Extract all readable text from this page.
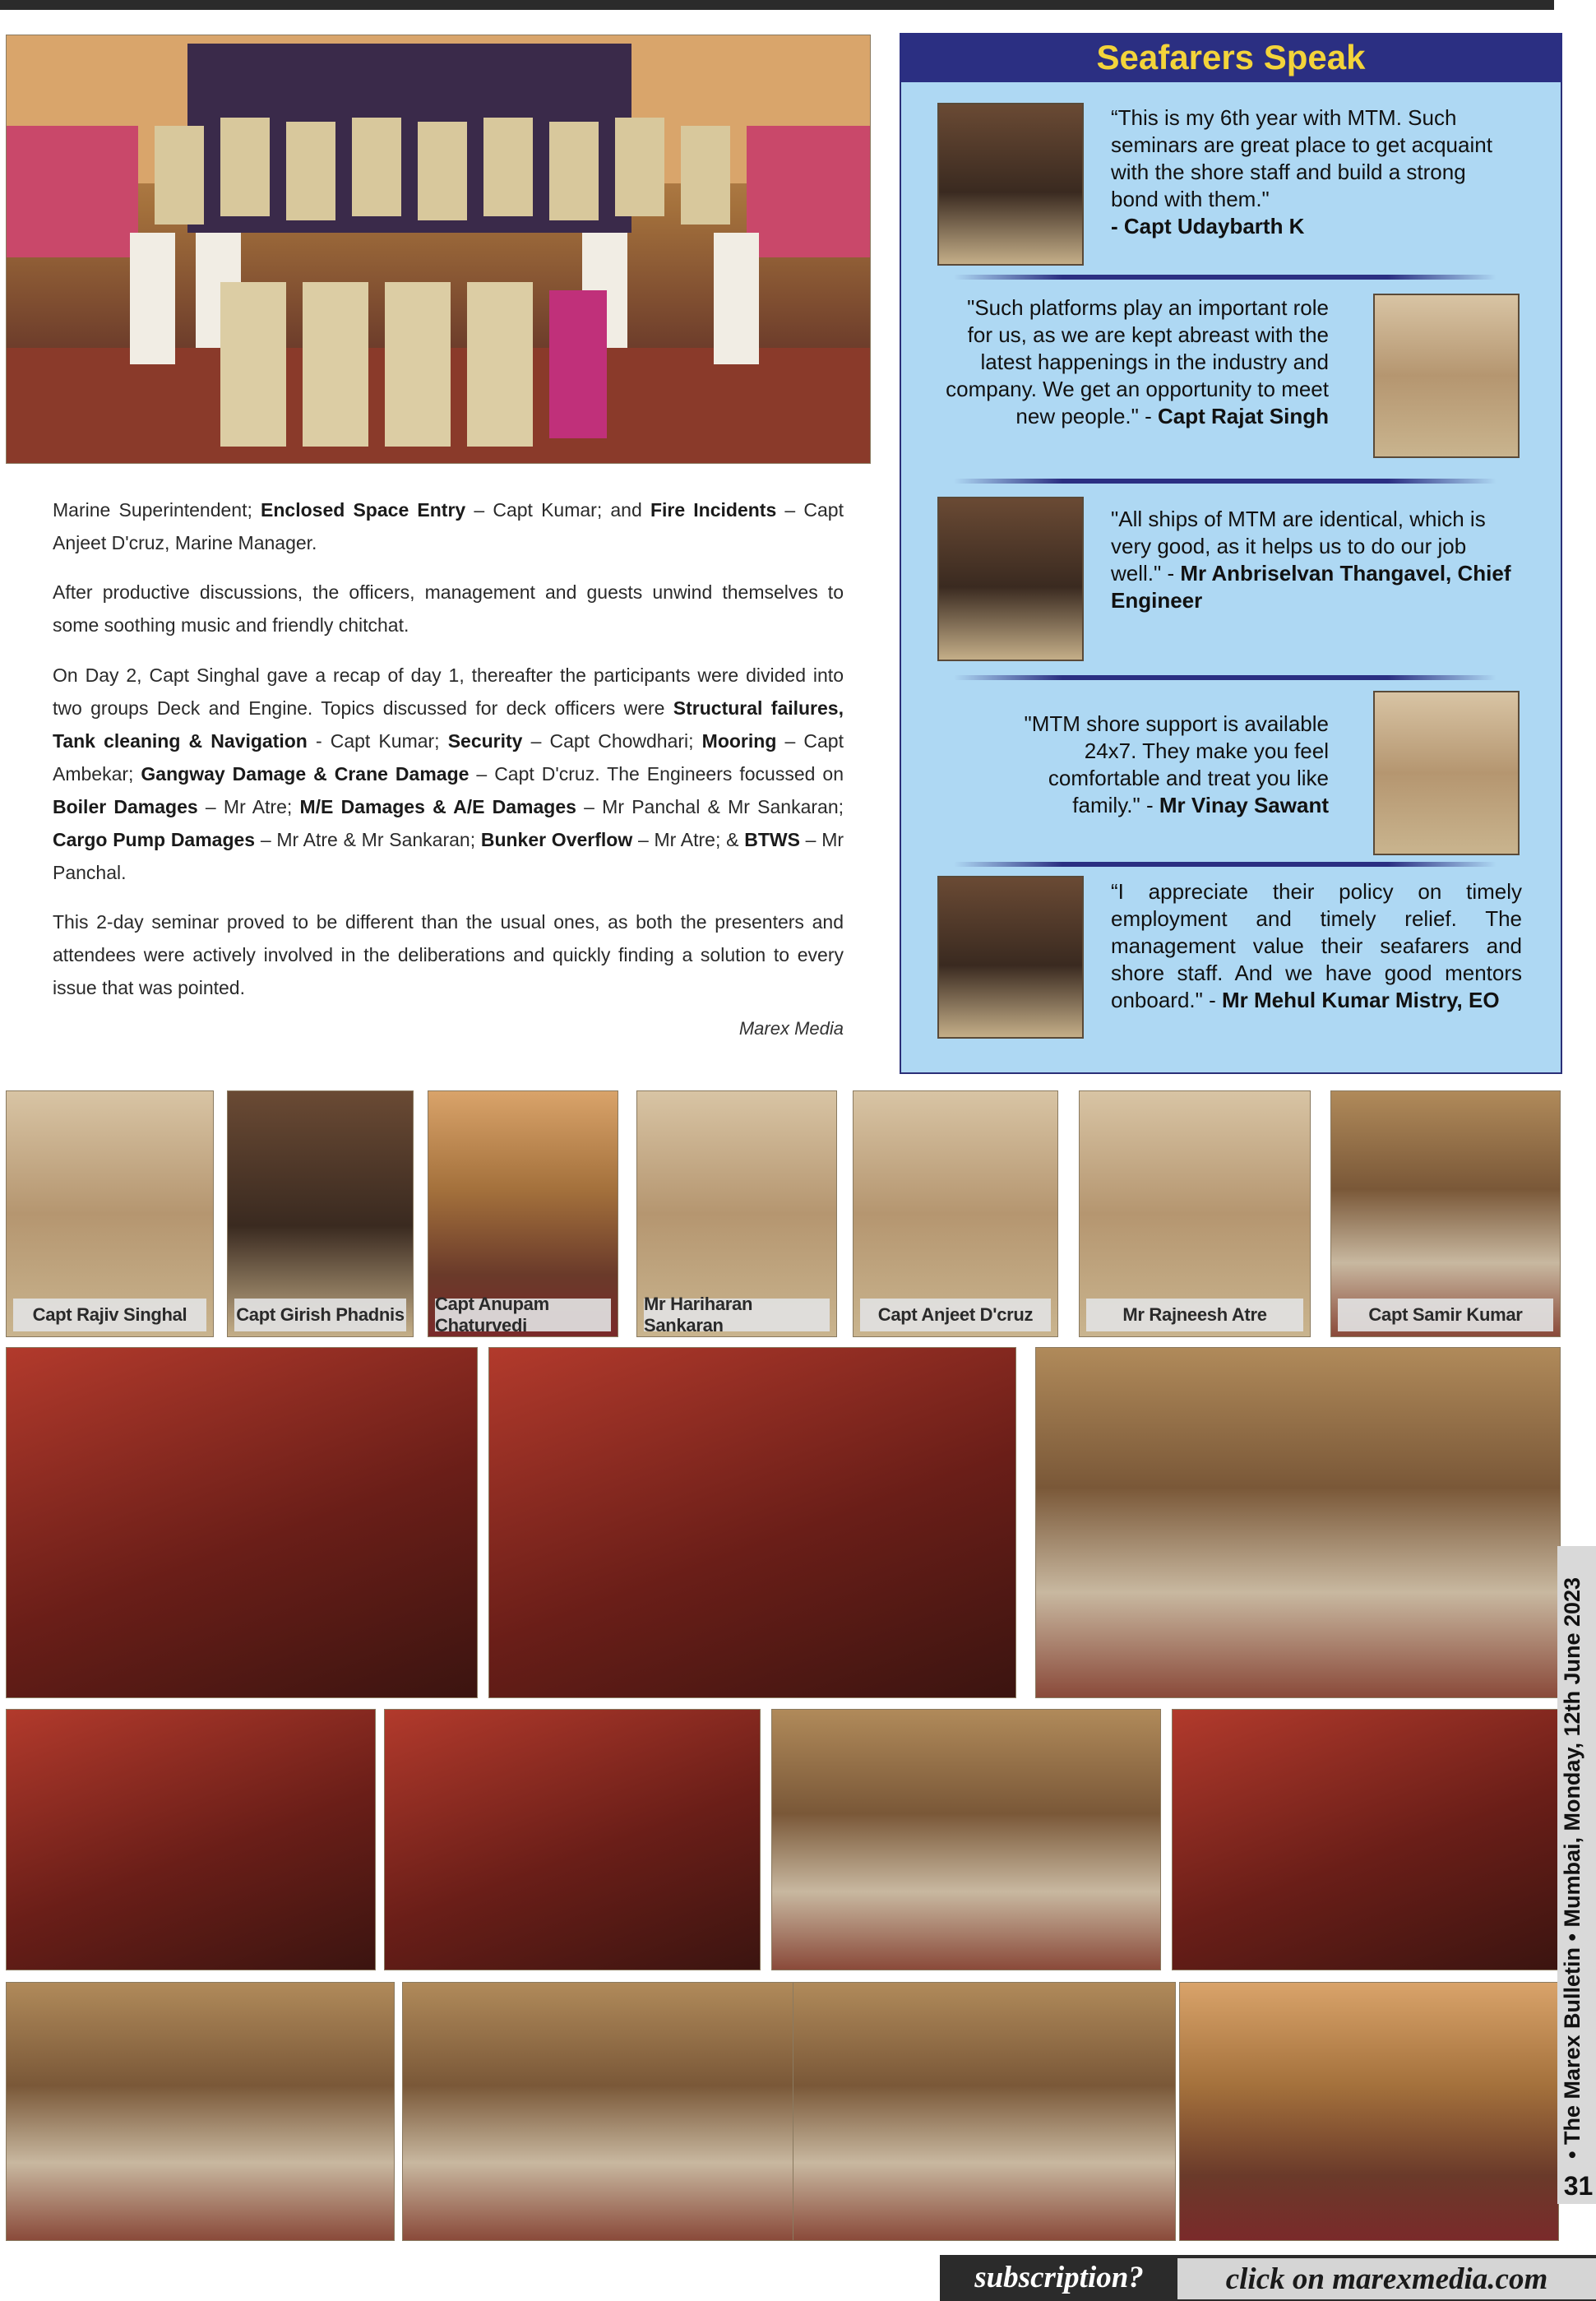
Marine Superintendent; Enclosed Space Entry – Capt Kumar; and Fire Incidents – Capt Anjeet D'cruz, Marine Manager.
After productive discussions, the officers, management and guests unwind themselves to some soothing music and friendly chitchat.
On Day 2, Capt Singhal gave a recap of day 1, thereafter the participants were divided into two groups Deck and Engine. Topics discussed for deck officers were Structural failures, Tank cleaning & Navigation - Capt Kumar; Security – Capt Chowdhari; Mooring – Capt Ambekar; Gangway Damage & Crane Damage – Capt D'cruz. The Engineers focussed on Boiler Damages – Mr Atre; M/E Damages & A/E Damages – Mr Panchal & Mr Sankaran; Cargo Pump Damages – Mr Atre & Mr Sankaran; Bunker Overflow – Mr Atre; & BTWS – Mr Panchal.
This 2-day seminar proved to be different than the usual ones, as both the presenters and attendees were actively involved in the deliberations and quickly finding a solution to every issue that was pointed.
Marex Media
Seafarers Speak
“This is my 6th year with MTM. Such seminars are great place to get acquaint with the shore staff and build a strong bond with them."
- Capt Udaybarth K
"Such platforms play an important role for us, as we are kept abreast with the latest happenings in the industry and company. We get an opportunity to meet new people." - Capt Rajat Singh
"All ships of MTM are identical, which is very good, as it helps us to do our job well." - Mr Anbriselvan Thangavel, Chief Engineer
"MTM shore support is available 24x7. They make you feel comfortable and treat you like family." - Mr Vinay Sawant
“I appreciate their policy on timely employment and timely relief. The management value their seafarers and shore staff. And we have good mentors onboard." - Mr Mehul Kumar Mistry, EO
Capt Rajiv Singhal	Capt Girish Phadnis
Capt Anupam Chaturvedi
Mr Hariharan Sankaran
Capt Anjeet D'cruz	Mr Rajneesh Atre	Capt Samir Kumar
• The Marex Bulletin • Mumbai, Monday, 12th June 2023
31
subscription?	click on marexmedia.com
